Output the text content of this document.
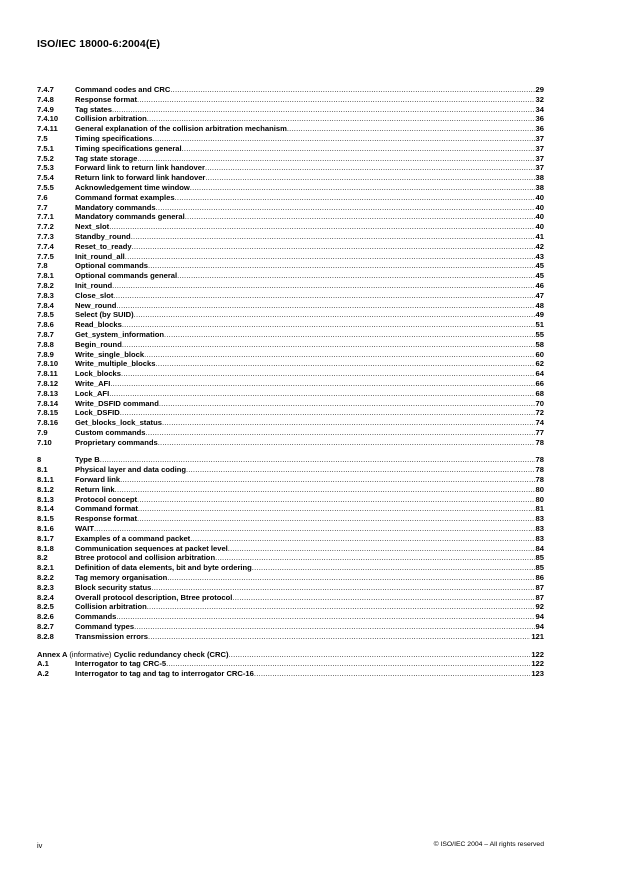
ISO/IEC 18000-6:2004(E)
7.4.7	Command codes and CRC .....	29
7.4.8	Response format .....	32
7.4.9	Tag states .....	34
7.4.10	Collision arbitration .....	36
7.4.11	General explanation of the collision arbitration mechanism .....	36
7.5	Timing specifications .....	37
7.5.1	Timing specifications general .....	37
7.5.2	Tag state storage .....	37
7.5.3	Forward link to return link handover .....	37
7.5.4	Return link to forward link handover .....	38
7.5.5	Acknowledgement time window .....	38
7.6	Command format examples .....	40
7.7	Mandatory commands .....	40
7.7.1	Mandatory commands general .....	40
7.7.2	Next_slot .....	40
7.7.3	Standby_round .....	41
7.7.4	Reset_to_ready .....	42
7.7.5	Init_round_all .....	43
7.8	Optional commands .....	45
7.8.1	Optional commands general .....	45
7.8.2	Init_round .....	46
7.8.3	Close_slot .....	47
7.8.4	New_round .....	48
7.8.5	Select (by SUID) .....	49
7.8.6	Read_blocks .....	51
7.8.7	Get_system_information .....	55
7.8.8	Begin_round .....	58
7.8.9	Write_single_block .....	60
7.8.10	Write_multiple_blocks .....	62
7.8.11	Lock_blocks .....	64
7.8.12	Write_AFI .....	66
7.8.13	Lock_AFI .....	68
7.8.14	Write_DSFID command .....	70
7.8.15	Lock_DSFID .....	72
7.8.16	Get_blocks_lock_status .....	74
7.9	Custom commands .....	77
7.10	Proprietary commands .....	78
8	Type B .....	78
8.1	Physical layer and data coding .....	78
8.1.1	Forward link .....	78
8.1.2	Return link .....	80
8.1.3	Protocol concept .....	80
8.1.4	Command format .....	81
8.1.5	Response format .....	83
8.1.6	WAIT .....	83
8.1.7	Examples of a command packet .....	83
8.1.8	Communication sequences at packet level .....	84
8.2	Btree protocol and collision arbitration .....	85
8.2.1	Definition of data elements, bit and byte ordering .....	85
8.2.2	Tag memory organisation .....	86
8.2.3	Block security status .....	87
8.2.4	Overall protocol description, Btree protocol .....	87
8.2.5	Collision arbitration .....	92
8.2.6	Commands .....	94
8.2.7	Command types .....	94
8.2.8	Transmission errors .....	121
Annex A (informative) Cyclic redundancy check (CRC) .....	122
A.1	Interrogator to tag CRC-5 .....	122
A.2	Interrogator to tag and tag to interrogator CRC-16 .....	123
iv	© ISO/IEC 2004 – All rights reserved
